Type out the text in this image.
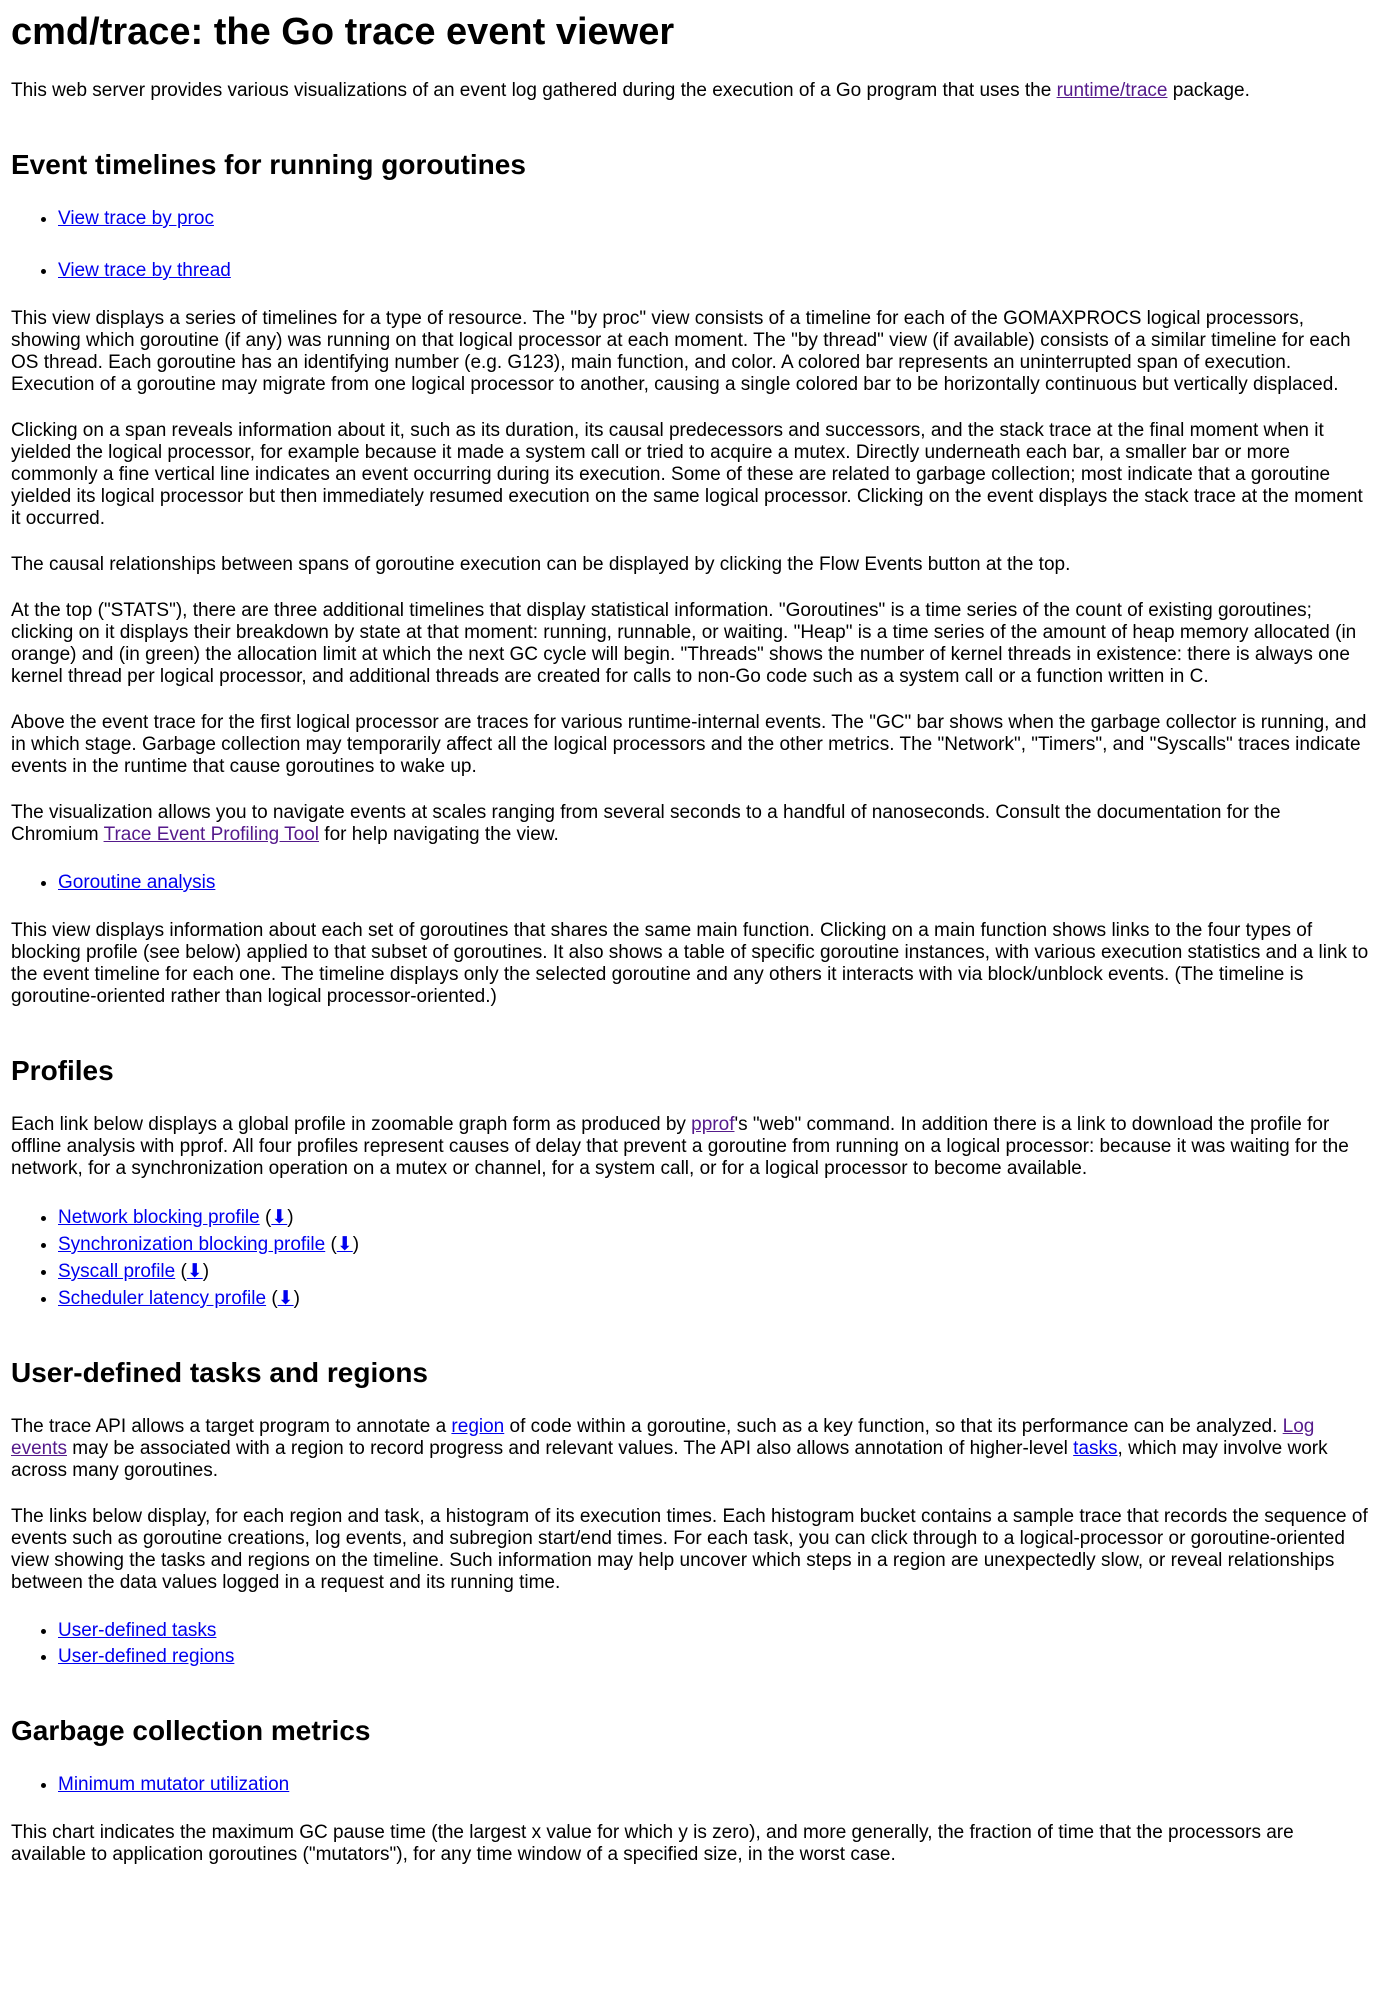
cmd/trace: the Go trace event viewer

This web server provides various visualizations of an event log gathered during the execution of a Go program that uses the runtime/trace package.

Event timelines for running goroutines
• View trace by proc
• View trace by thread

This view displays a series of timelines for a type of resource. The "by proc" view consists of a timeline for each of the GOMAXPROCS logical processors, showing which goroutine (if any) was running on that logical processor at each moment. The "by thread" view (if available) consists of a similar timeline for each OS thread. Each goroutine has an identifying number (e.g. G123), main function, and color. A colored bar represents an uninterrupted span of execution. Execution of a goroutine may migrate from one logical processor to another, causing a single colored bar to be horizontally continuous but vertically displaced.

Clicking on a span reveals information about it, such as its duration, its causal predecessors and successors, and the stack trace at the final moment when it yielded the logical processor, for example because it made a system call or tried to acquire a mutex. Directly underneath each bar, a smaller bar or more commonly a fine vertical line indicates an event occurring during its execution. Some of these are related to garbage collection; most indicate that a goroutine yielded its logical processor but then immediately resumed execution on the same logical processor. Clicking on the event displays the stack trace at the moment it occurred.

The causal relationships between spans of goroutine execution can be displayed by clicking the Flow Events button at the top.

At the top ("STATS"), there are three additional timelines that display statistical information. "Goroutines" is a time series of the count of existing goroutines; clicking on it displays their breakdown by state at that moment: running, runnable, or waiting. "Heap" is a time series of the amount of heap memory allocated (in orange) and (in green) the allocation limit at which the next GC cycle will begin. "Threads" shows the number of kernel threads in existence: there is always one kernel thread per logical processor, and additional threads are created for calls to non-Go code such as a system call or a function written in C.

Above the event trace for the first logical processor are traces for various runtime-internal events. The "GC" bar shows when the garbage collector is running, and in which stage. Garbage collection may temporarily affect all the logical processors and the other metrics. The "Network", "Timers", and "Syscalls" traces indicate events in the runtime that cause goroutines to wake up.

The visualization allows you to navigate events at scales ranging from several seconds to a handful of nanoseconds. Consult the documentation for the Chromium Trace Event Profiling Tool for help navigating the view.

• Goroutine analysis

This view displays information about each set of goroutines that shares the same main function. Clicking on a main function shows links to the four types of blocking profile (see below) applied to that subset of goroutines. It also shows a table of specific goroutine instances, with various execution statistics and a link to the event timeline for each one. The timeline displays only the selected goroutine and any others it interacts with via block/unblock events. (The timeline is goroutine-oriented rather than logical processor-oriented.)

Profiles

Each link below displays a global profile in zoomable graph form as produced by pprof's "web" command. In addition there is a link to download the profile for offline analysis with pprof. All four profiles represent causes of delay that prevent a goroutine from running on a logical processor: because it was waiting for the network, for a synchronization operation on a mutex or channel, for a system call, or for a logical processor to become available.

• Network blocking profile (⬇)
• Synchronization blocking profile (⬇)
• Syscall profile (⬇)
• Scheduler latency profile (⬇)
User-defined tasks and regions

The trace API allows a target program to annotate a region of code within a goroutine, such as a key function, so that its performance can be analyzed. Log events may be associated with a region to record progress and relevant values. The API also allows annotation of higher-level tasks, which may involve work across many goroutines.

The links below display, for each region and task, a histogram of its execution times. Each histogram bucket contains a sample trace that records the sequence of events such as goroutine creations, log events, and subregion start/end times. For each task, you can click through to a logical-processor or goroutine-oriented view showing the tasks and regions on the timeline. Such information may help uncover which steps in a region are unexpectedly slow, or reveal relationships between the data values logged in a request and its running time.

• User-defined tasks
• User-defined regions
Garbage collection metrics
• Minimum mutator utilization

This chart indicates the maximum GC pause time (the largest x value for which y is zero), and more generally, the fraction of time that the processors are available to application goroutines ("mutators"), for any time window of a specified size, in the worst case.
